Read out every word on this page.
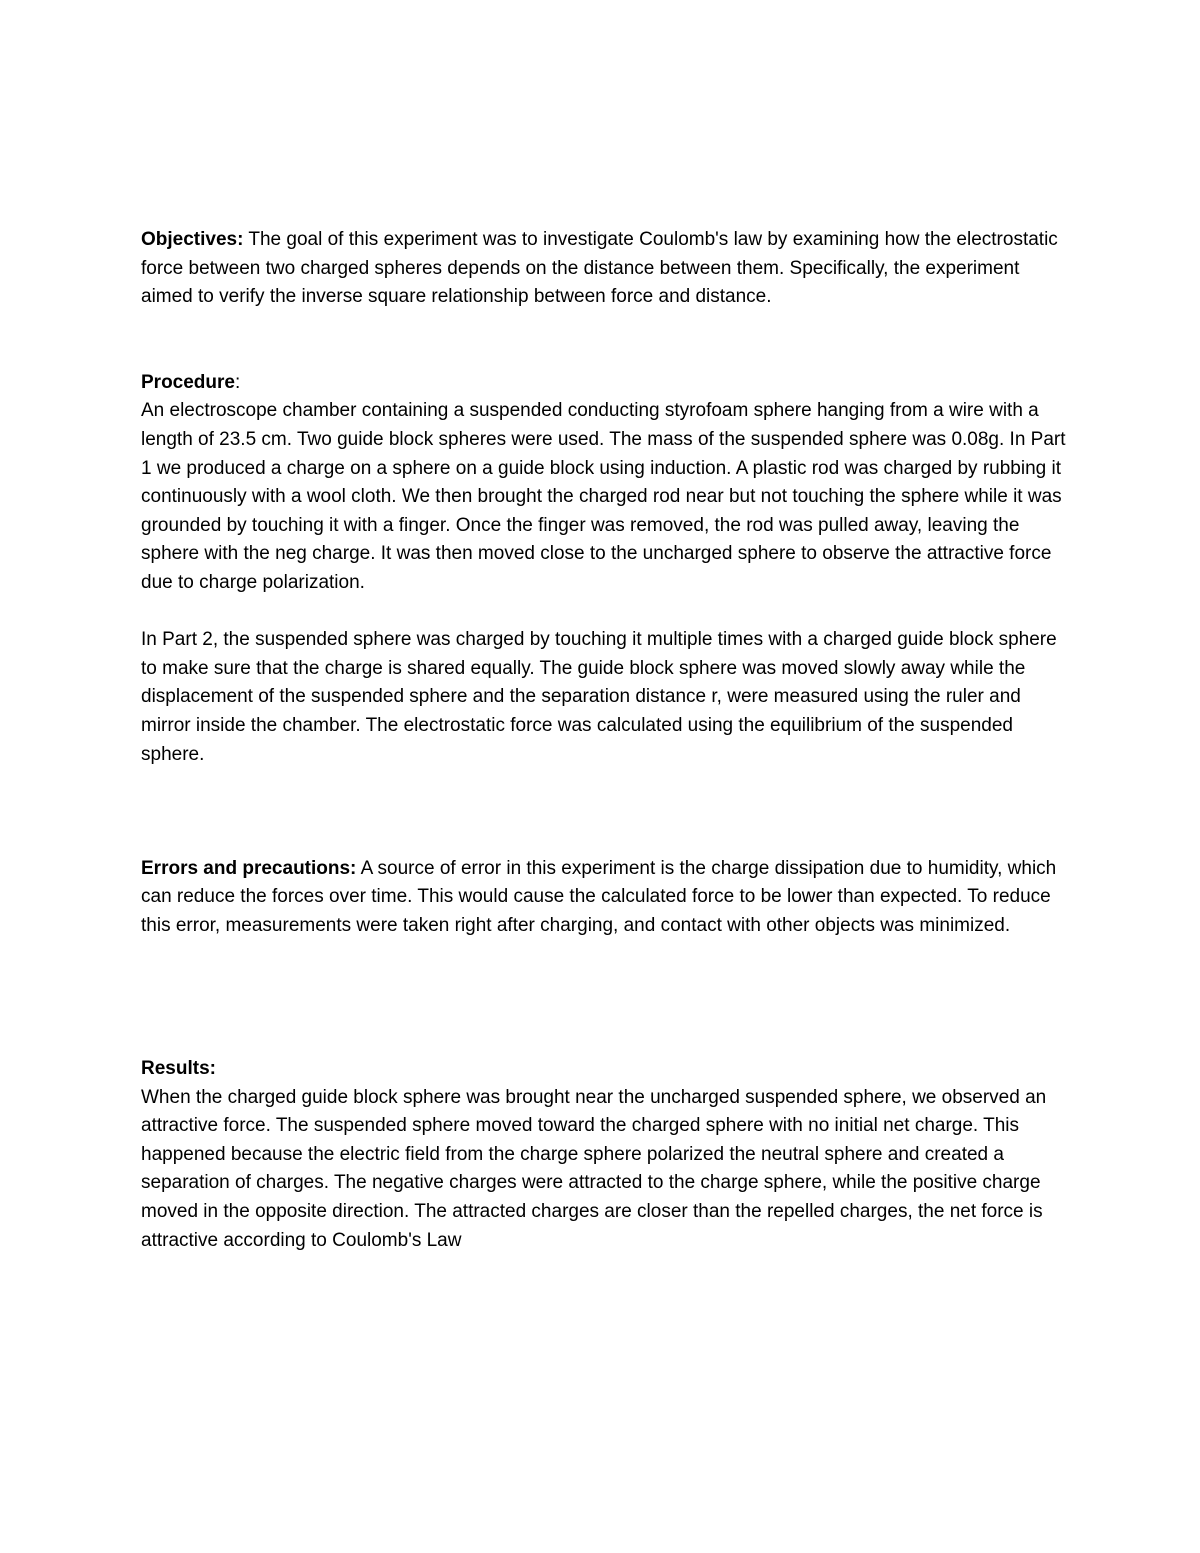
Objectives: The goal of this experiment was to investigate Coulomb's law by examining how the electrostatic force between two charged spheres depends on the distance between them. Specifically, the experiment aimed to verify the inverse square relationship between force and distance.

Procedure:

An electroscope chamber containing a suspended conducting styrofoam sphere hanging from a wire with a length of 23.5 cm. Two guide block spheres were used. The mass of the suspended sphere was 0.08g. In Part 1 we produced a charge on a sphere on a guide block using induction. A plastic rod was charged by rubbing it continuously with a wool cloth. We then brought the charged rod near but not touching the sphere while it was grounded by touching it with a finger. Once the finger was removed, the rod was pulled away, leaving the sphere with the neg charge. It was then moved close to the uncharged sphere to observe the attractive force due to charge polarization.

In Part 2, the suspended sphere was charged by touching it multiple times with a charged guide block sphere to make sure that the charge is shared equally. The guide block sphere was moved slowly away while the displacement of the suspended sphere and the separation distance r, were measured using the ruler and mirror inside the chamber. The electrostatic force was calculated using the equilibrium of the suspended sphere.

Errors and precautions: A source of error in this experiment is the charge dissipation due to humidity, which can reduce the forces over time. This would cause the calculated force to be lower than expected. To reduce this error, measurements were taken right after charging, and contact with other objects was minimized.

Results:

When the charged guide block sphere was brought near the uncharged suspended sphere, we observed an attractive force. The suspended sphere moved toward the charged sphere with no initial net charge. This happened because the electric field from the charge sphere polarized the neutral sphere and created a separation of charges. The negative charges were attracted to the charge sphere, while the positive charge moved in the opposite direction. The attracted charges are closer than the repelled charges, the net force is attractive according to Coulomb's Law
